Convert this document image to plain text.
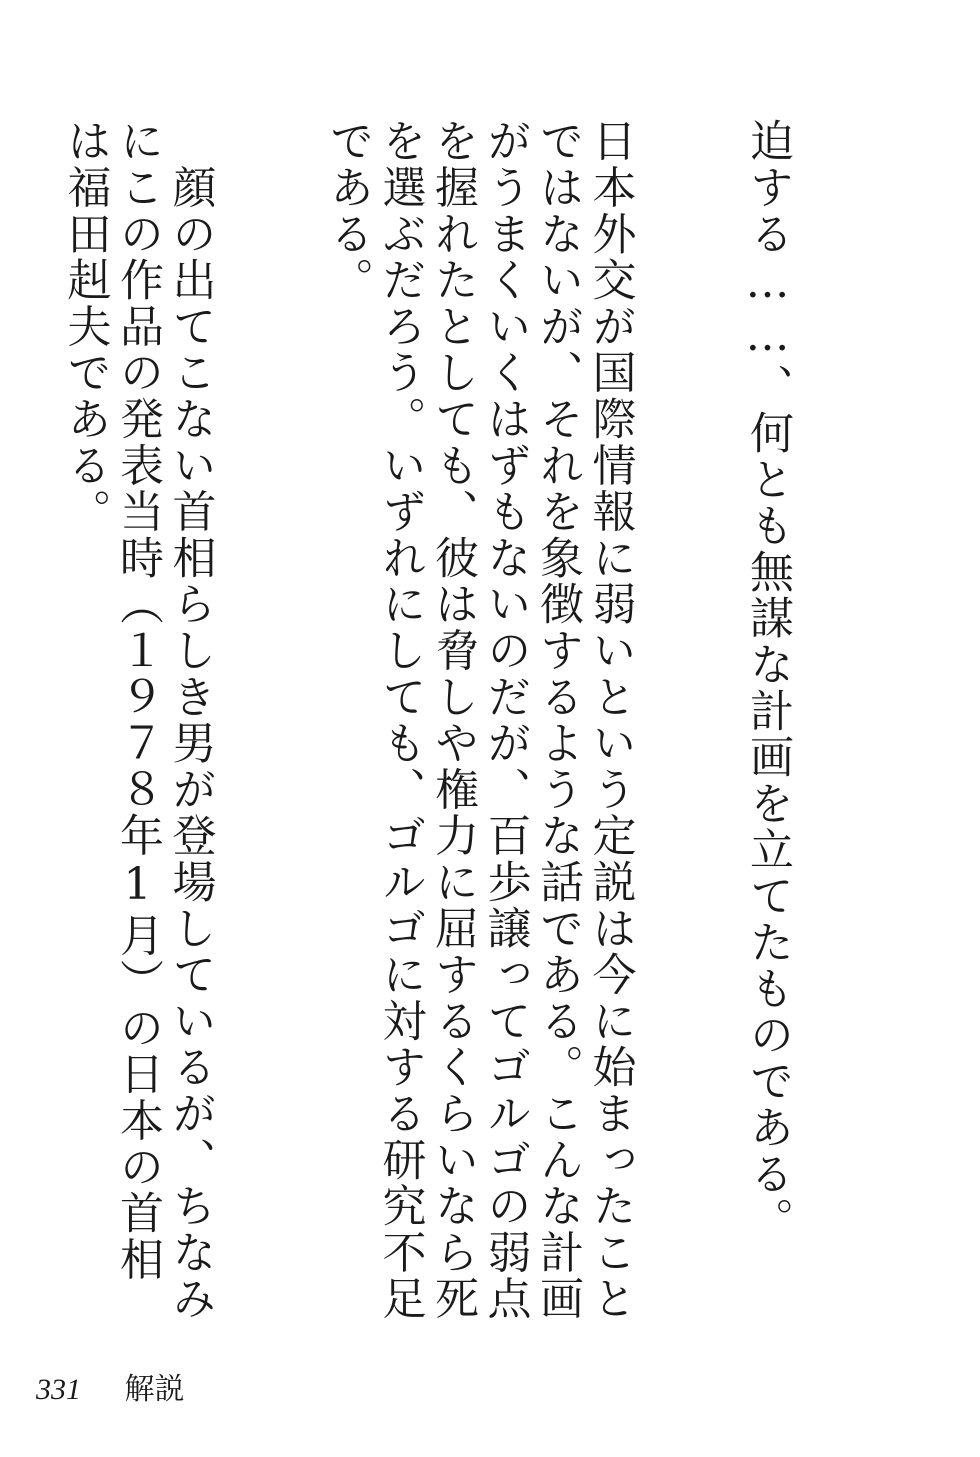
迫する……、何とも無謀な計画を立てたものである。

日本外交が国際情報に弱いという定説は今に始まったことではないが、それを象徴するような話である。こんな計画がうまくいくはずもないのだが、百歩譲ってゴルゴの弱点を握れたとしても、彼は脅しや権力に屈するくらいなら死を選ぶだろう。いずれにしても、ゴルゴに対する研究不足である。

　顔の出てこない首相らしき男が登場しているが、ちなみにこの作品の発表当時（１９７８年1月）の日本の首相は福田赳夫である。

331 解説
